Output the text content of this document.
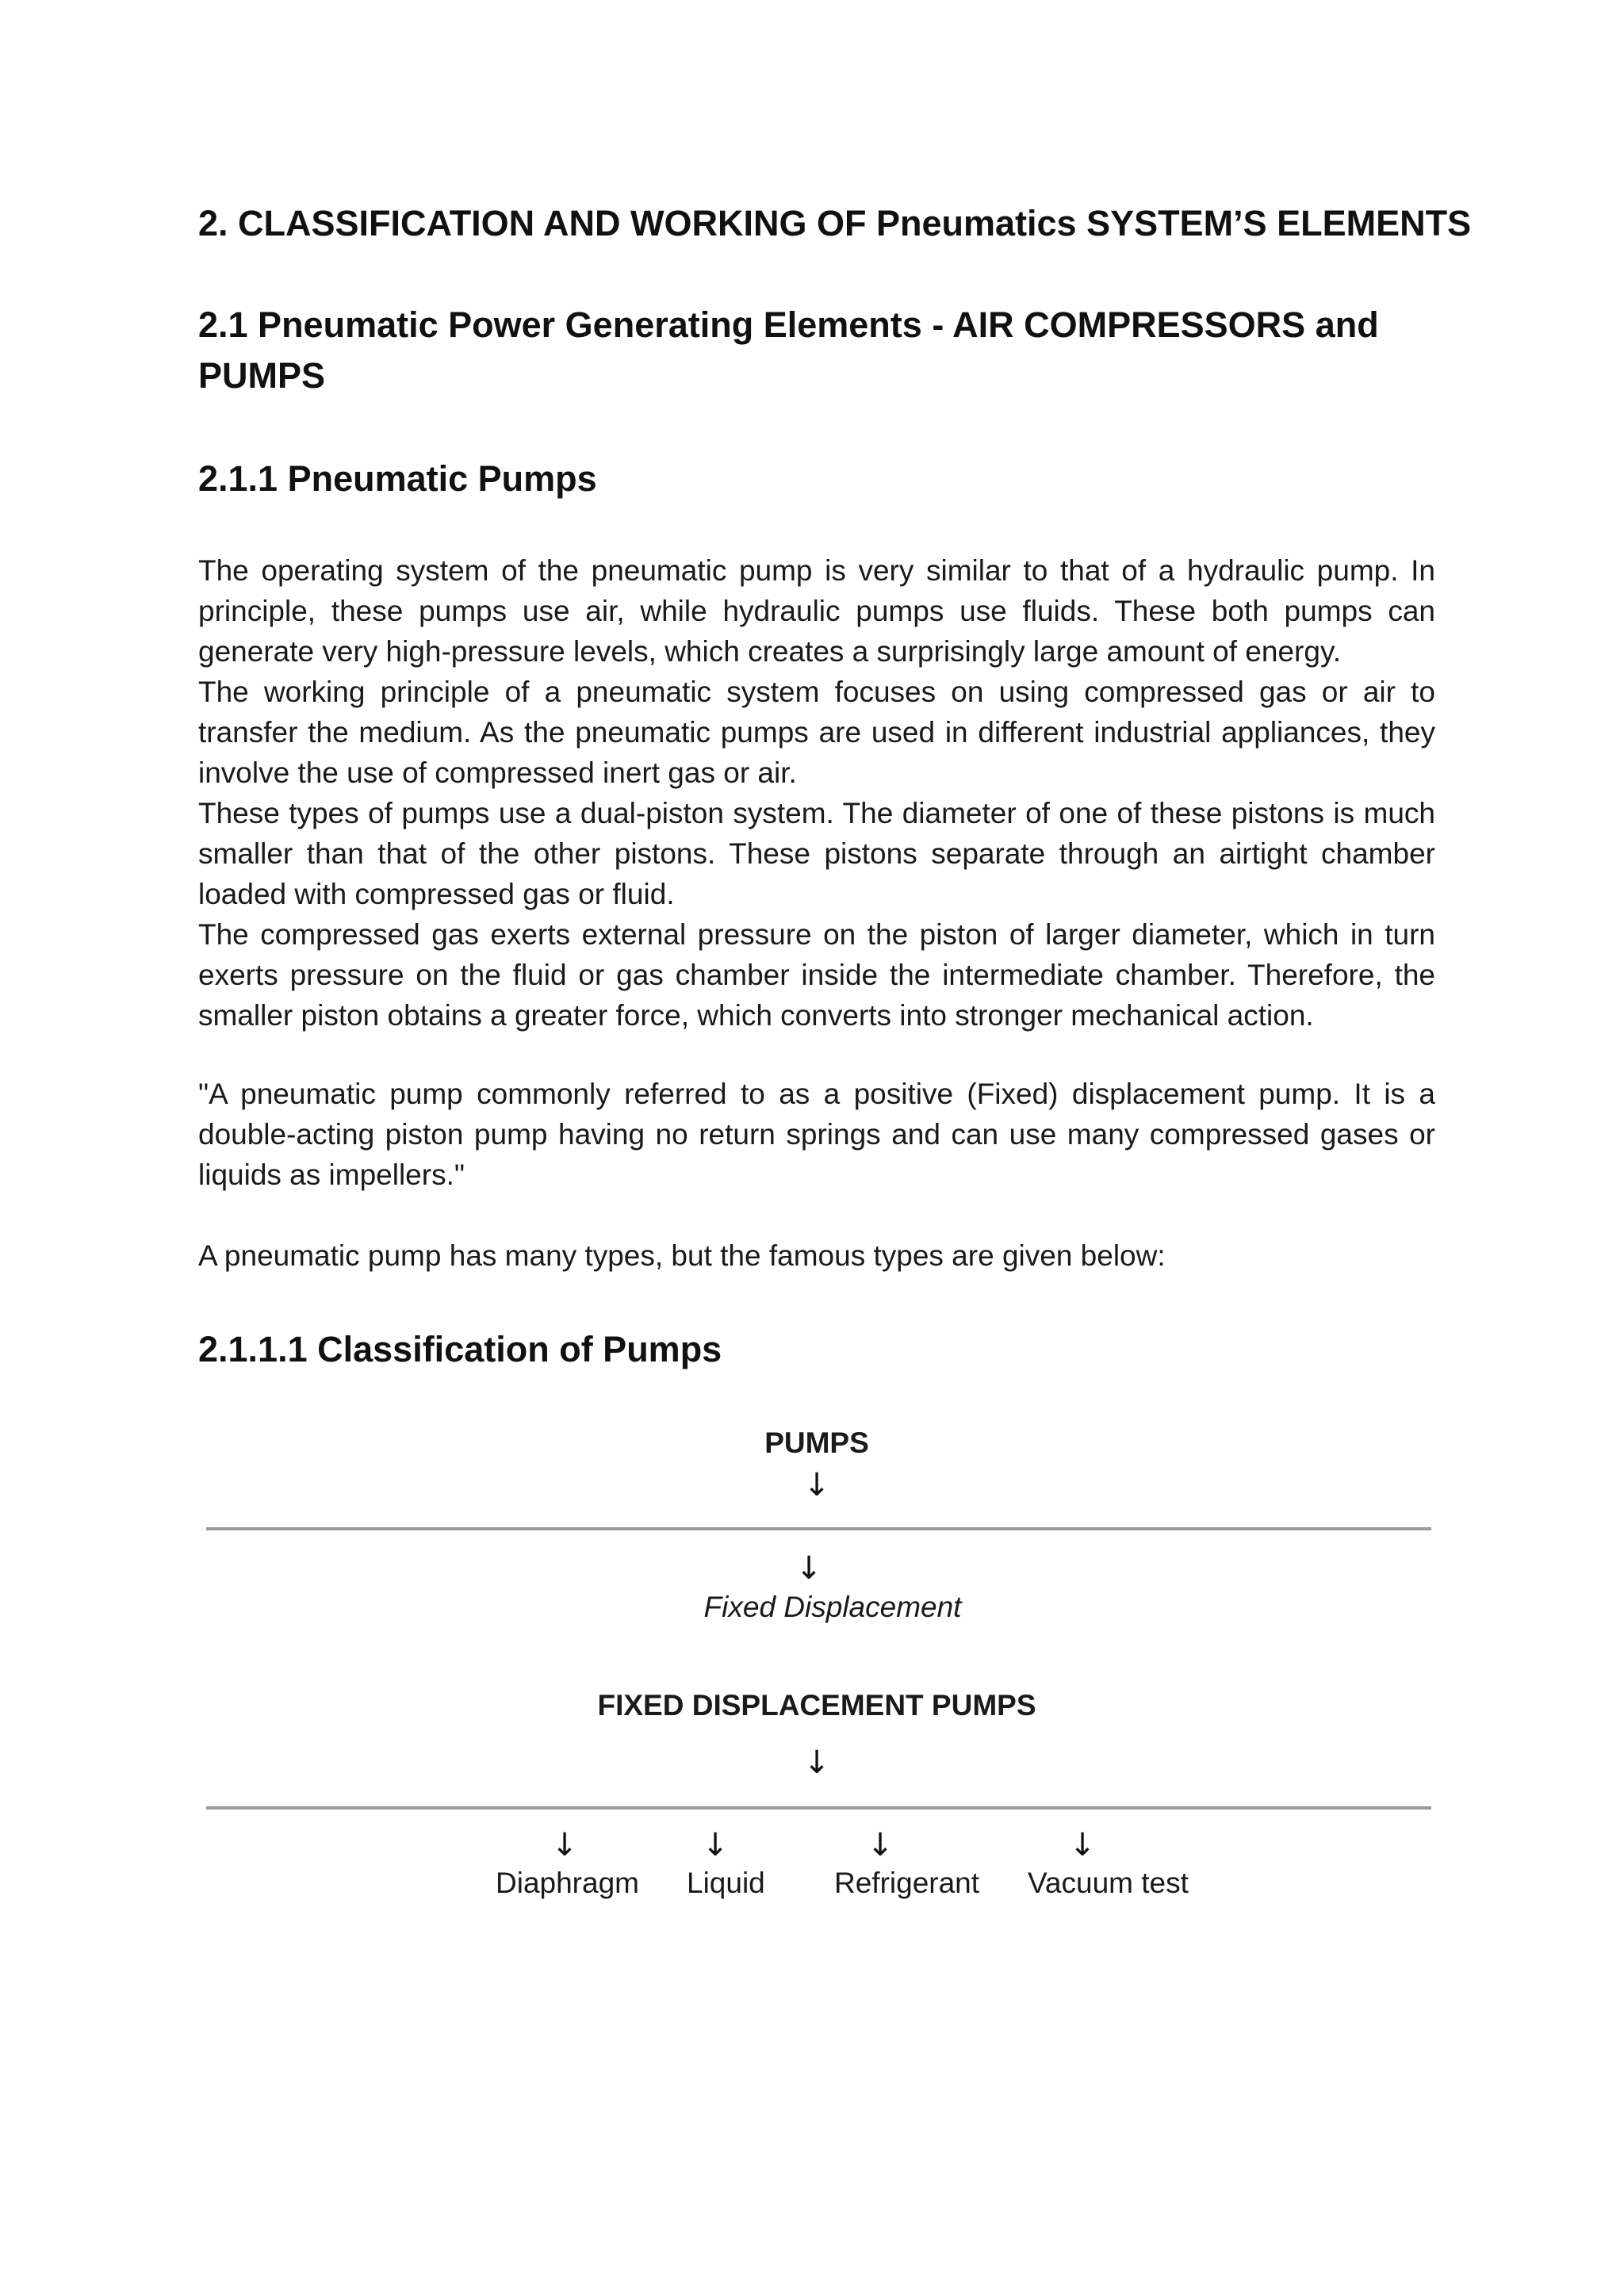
2. CLASSIFICATION AND WORKING OF Pneumatics SYSTEM’S ELEMENTS
2.1 Pneumatic Power Generating Elements - AIR COMPRESSORS and PUMPS
2.1.1 Pneumatic Pumps

The operating system of the pneumatic pump is very similar to that of a hydraulic pump. In principle, these pumps use air, while hydraulic pumps use fluids. These both pumps can generate very high-pressure levels, which creates a surprisingly large amount of energy.

The working principle of a pneumatic system focuses on using compressed gas or air to transfer the medium. As the pneumatic pumps are used in different industrial appliances, they involve the use of compressed inert gas or air.

These types of pumps use a dual-piston system. The diameter of one of these pistons is much smaller than that of the other pistons. These pistons separate through an airtight chamber loaded with compressed gas or fluid.

The compressed gas exerts external pressure on the piston of larger diameter, which in turn exerts pressure on the fluid or gas chamber inside the intermediate chamber. Therefore, the smaller piston obtains a greater force, which converts into stronger mechanical action.

"A pneumatic pump commonly referred to as a positive (Fixed) displacement pump. It is a double-acting piston pump having no return springs and can use many compressed gases or liquids as impellers."

A pneumatic pump has many types, but the famous types are given below:

2.1.1.1 Classification of Pumps
PUMPS
↓
↓
Fixed Displacement
FIXED DISPLACEMENT PUMPS
↓
↓	↓	↓	↓
Diaphragm Liquid Refrigerant Vacuum test
